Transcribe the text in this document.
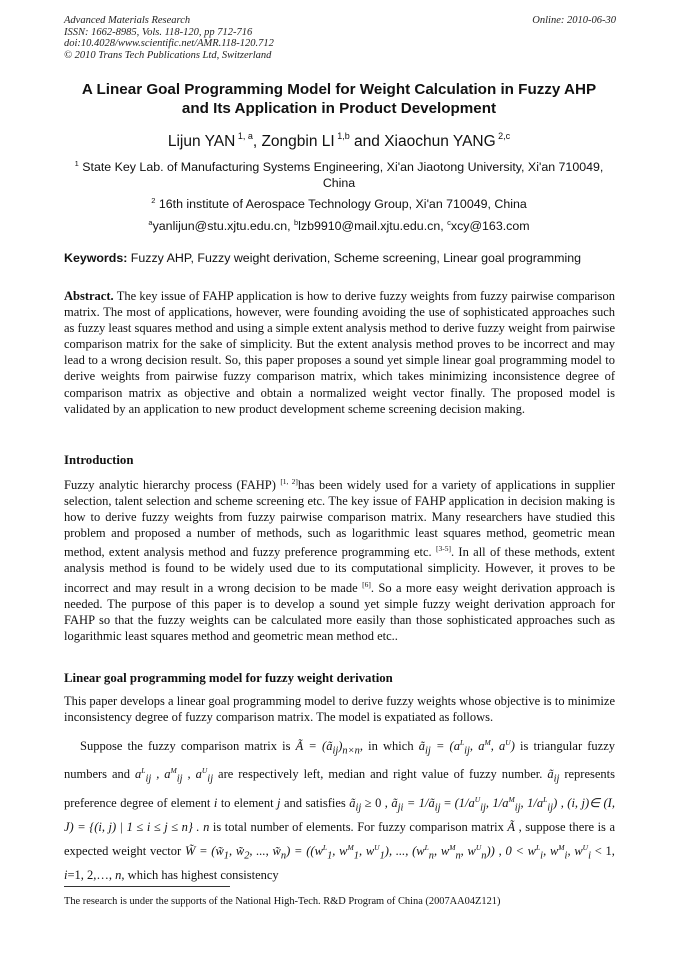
Advanced Materials Research
ISSN: 1662-8985, Vols. 118-120, pp 712-716
doi:10.4028/www.scientific.net/AMR.118-120.712
© 2010 Trans Tech Publications Ltd, Switzerland
Online: 2010-06-30
A Linear Goal Programming Model for Weight Calculation in Fuzzy AHP
and Its Application in Product Development
Lijun YAN $^{1, a}$, Zongbin LI $^{1,b}$ and Xiaochun YANG $^{2,c}$
$^1$ State Key Lab. of Manufacturing Systems Engineering, Xi'an Jiaotong University, Xi'an 710049, China
$^2$ 16th institute of Aerospace Technology Group, Xi'an 710049, China
$^a$yanlijun@stu.xjtu.edu.cn, $^b$lzb9910@mail.xjtu.edu.cn, $^c$xcy@163.com
Keywords: Fuzzy AHP, Fuzzy weight derivation, Scheme screening, Linear goal programming
Abstract. The key issue of FAHP application is how to derive fuzzy weights from fuzzy pairwise comparison matrix. The most of applications, however, were founding avoiding the use of sophisticated approaches such as fuzzy least squares method and using a simple extent analysis method to derive fuzzy weight from pairwise comparison matrix for the sake of simplicity. But the extent analysis method proves to be incorrect and may lead to a wrong decision result. So, this paper proposes a sound yet simple linear goal programming model to derive weights from pairwise fuzzy comparison matrix, which takes minimizing inconsistence degree of comparison matrix as objective and obtain a normalized weight vector finally. The proposed model is validated by an application to new product development scheme screening decision making.
Introduction
Fuzzy analytic hierarchy process (FAHP) [1, 2]has been widely used for a variety of applications in supplier selection, talent selection and scheme screening etc. The key issue of FAHP application in decision making is how to derive fuzzy weights from fuzzy pairwise comparison matrix. Many researchers have studied this problem and proposed a number of methods, such as logarithmic least squares method, geometric mean method, extent analysis method and fuzzy preference programming etc. [3-5]. In all of these methods, extent analysis method is found to be widely used due to its computational simplicity. However, it proves to be incorrect and may result in a wrong decision to be made [6]. So a more easy weight derivation approach is needed. The purpose of this paper is to develop a sound yet simple fuzzy weight derivation approach for FAHP so that the fuzzy weights can be calculated more easily than those sophisticated approaches such as logarithmic least squares method and geometric mean method etc..
Linear goal programming model for fuzzy weight derivation
This paper develops a linear goal programming model to derive fuzzy weights whose objective is to minimize inconsistency degree of fuzzy comparison matrix. The model is expatiated as follows.
Suppose the fuzzy comparison matrix is Ã = $(ã_{ij})_{n\times n}$, in which $ã_{ij} = (a^L_{ij}$, $a^M$, $a^U$) is triangular fuzzy numbers and $a^L_{ij}$ , $a^M_{ij}$ , $a^U_{ij}$ are respectively left, median and right value of fuzzy number. $ã_{ij}$ represents preference degree of element i to element j and satisfies $ã_{ij} \ge 0$ , $ã_{ji}$ = $1/ã_{ij} = (1/a^U_{ij}$, $1/a^M_{ij}$, $1/a^L_{ij}$) , (i, j)∈ (I, J) = {(i, j) | 1 ≤ i ≤ j ≤ n} . n is total number of elements. For fuzzy comparison matrix Ã , suppose there is a expected weight vector W̃ = ($w̃_1$, $w̃_2$, ..., $w̃_n) = ((w^L_1$, $w^M_1$, $w^U_1$), ..., ($w^L_n$, $w^M_n$, $w^U_n$)) , $0 < w^L_i$, $w^M_i$, $w^U_i < 1$, i=1, 2,…, n, which has highest consistency
The research is under the supports of the National High-Tech. R&D Program of China (2007AA04Z121)
